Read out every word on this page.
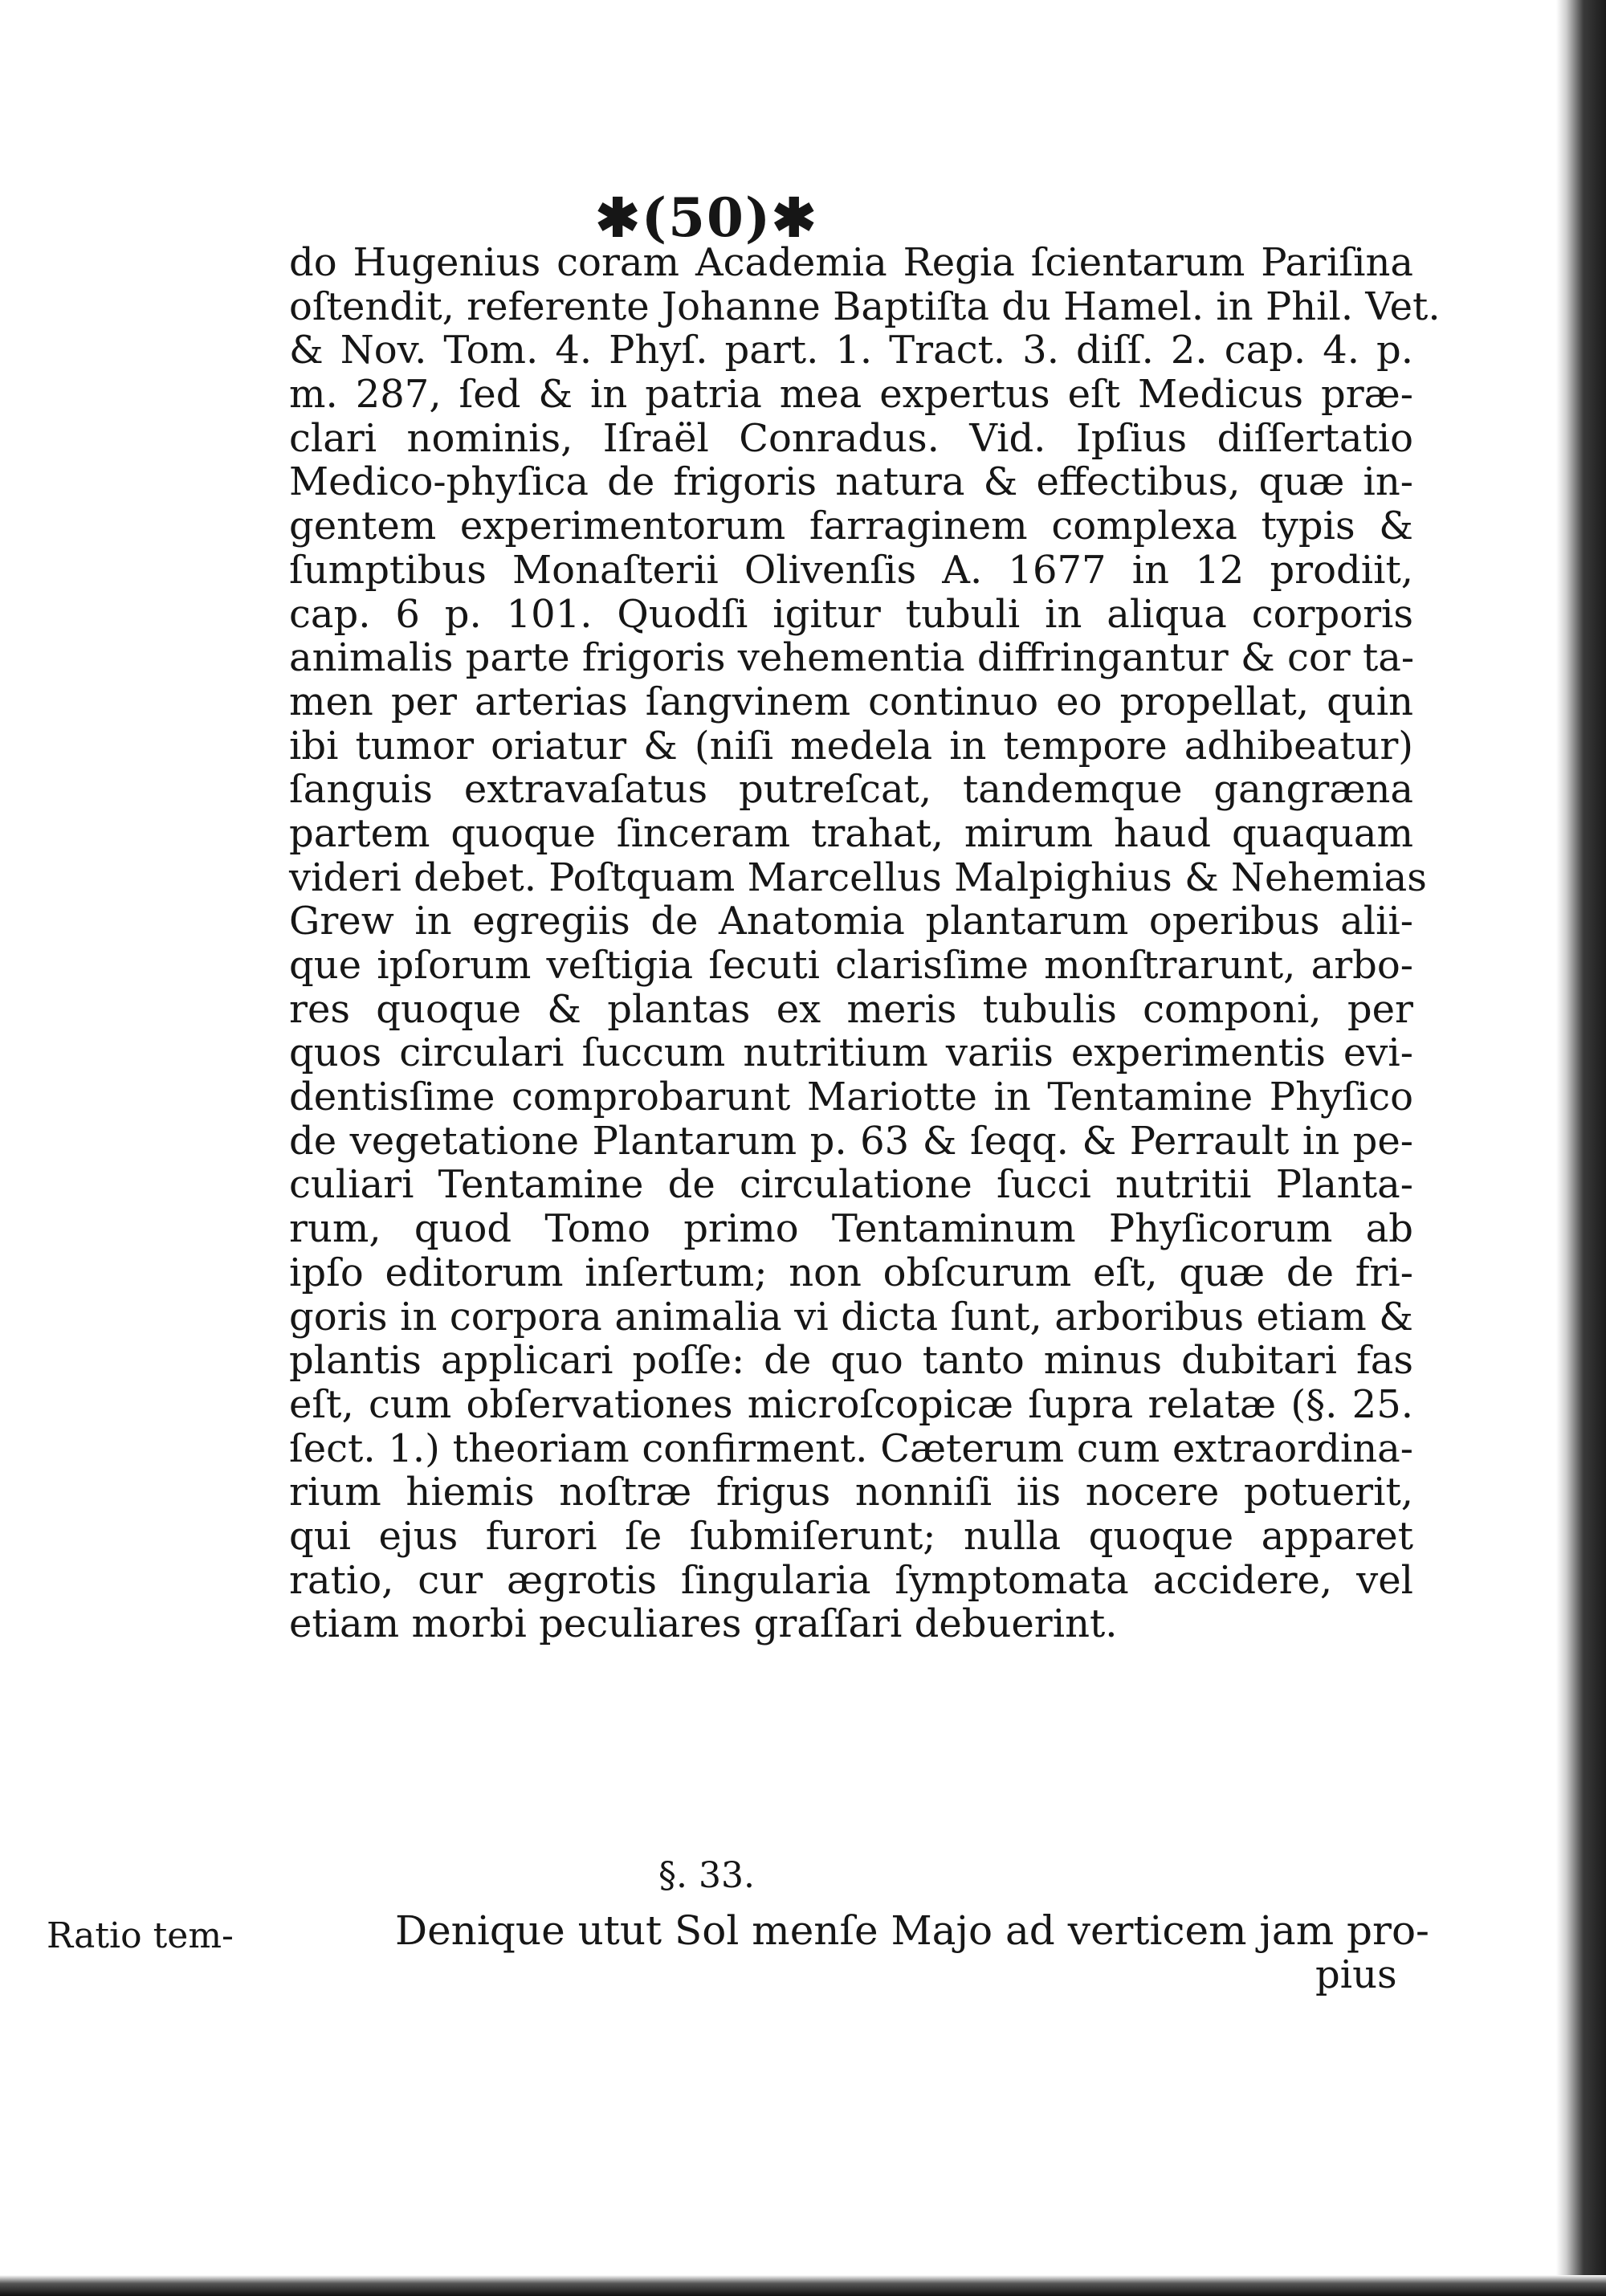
✱(50)✱
do Hugenius coram Academia Regia ſcientarum Pariſina
oſtendit, referente Johanne Baptiſta du Hamel. in Phil. Vet.
& Nov. Tom. 4. Phyſ. part. 1. Tract. 3. diſſ. 2. cap. 4. p.
m. 287, ſed & in patria mea expertus eſt Medicus præ-
clari nominis, Iſraël Conradus. Vid. Ipſius diſſertatio
Medico-phyſica de frigoris natura & effectibus, quæ in-
gentem experimentorum farraginem complexa typis &
ſumptibus Monaſterii Olivenſis A. 1677 in 12 prodiit,
cap. 6 p. 101. Quodſi igitur tubuli in aliqua corporis
animalis parte frigoris vehementia diffringantur & cor ta-
men per arterias ſangvinem continuo eo propellat, quin
ibi tumor oriatur & (niſi medela in tempore adhibeatur)
ſanguis extravaſatus putreſcat, tandemque gangræna
partem quoque ſinceram trahat, mirum haud quaquam
videri debet. Poſtquam Marcellus Malpighius & Nehemias
Grew in egregiis de Anatomia plantarum operibus alii-
que ipſorum veſtigia ſecuti clarisſime monſtrarunt, arbo-
res quoque & plantas ex meris tubulis componi, per
quos circulari ſuccum nutritium variis experimentis evi-
dentisſime comprobarunt Mariotte in Tentamine Phyſico
de vegetatione Plantarum p. 63 & ſeqq. & Perrault in pe-
culiari Tentamine de circulatione ſucci nutritii Planta-
rum, quod Tomo primo Tentaminum Phyſicorum ab
ipſo editorum inſertum; non obſcurum eſt, quæ de fri-
goris in corpora animalia vi dicta ſunt, arboribus etiam &
plantis applicari poſſe: de quo tanto minus dubitari fas
eſt, cum obſervationes microſcopicæ ſupra relatæ (§. 25.
ſect. 1.) theoriam confirment. Cæterum cum extraordina-
rium hiemis noſtræ frigus nonniſi iis nocere potuerit,
qui ejus furori ſe ſubmiſerunt; nulla quoque apparet
ratio, cur ægrotis ſingularia ſymptomata accidere, vel
etiam morbi peculiares graſſari debuerint.
§. 33.
Ratio tem-	Denique utut Sol menſe Majo ad verticem jam pro-
pius
